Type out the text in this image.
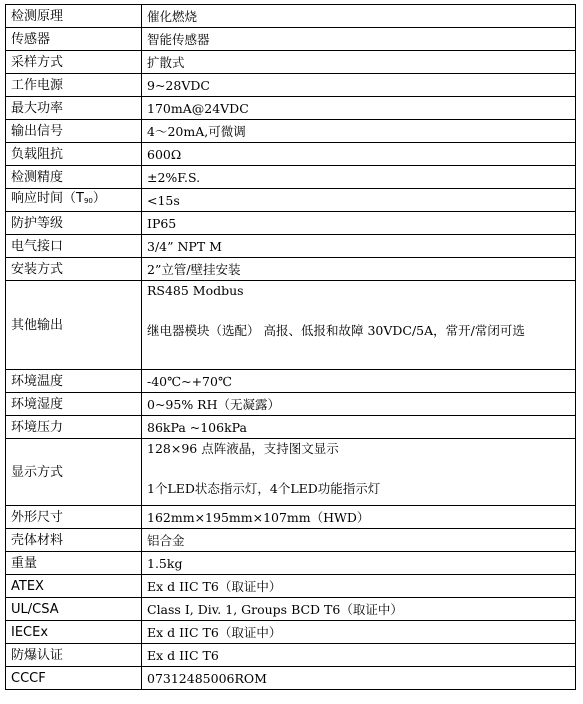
检测原理	催化燃烧
传感器	智能传感器
采样方式	扩散式
工作电源	9~28VDC
最大功率	170mA@24VDC
输出信号	4～20mA,可微调
负载阻抗	600Ω
检测精度	±2%F.S.
响应时间（T90）	<15s
防护等级	IP65
电气接口	3/4” NPT M
安装方式	2”立管/壁挂安装
其他输出	RS485 Modbus
继电器模块（选配） 高报、低报和故障 30VDC/5A，常开/常闭可选

环境温度	-40℃~+70℃
环境湿度	0~95% RH（无凝露）
环境压力	86kPa ~106kPa
显示方式	128×96 点阵液晶，支持图文显示
1个LED状态指示灯，4个LED功能指示灯

外形尺寸	162mm×195mm×107mm（HWD）
壳体材料	铝合金
重量	1.5kg
ATEX	Ex d IIC T6（取证中）
UL/CSA	Class I, Div. 1, Groups BCD T6（取证中）
IECEx	Ex d IIC T6（取证中）
防爆认证	Ex d IIC T6
CCCF	07312485006ROM
